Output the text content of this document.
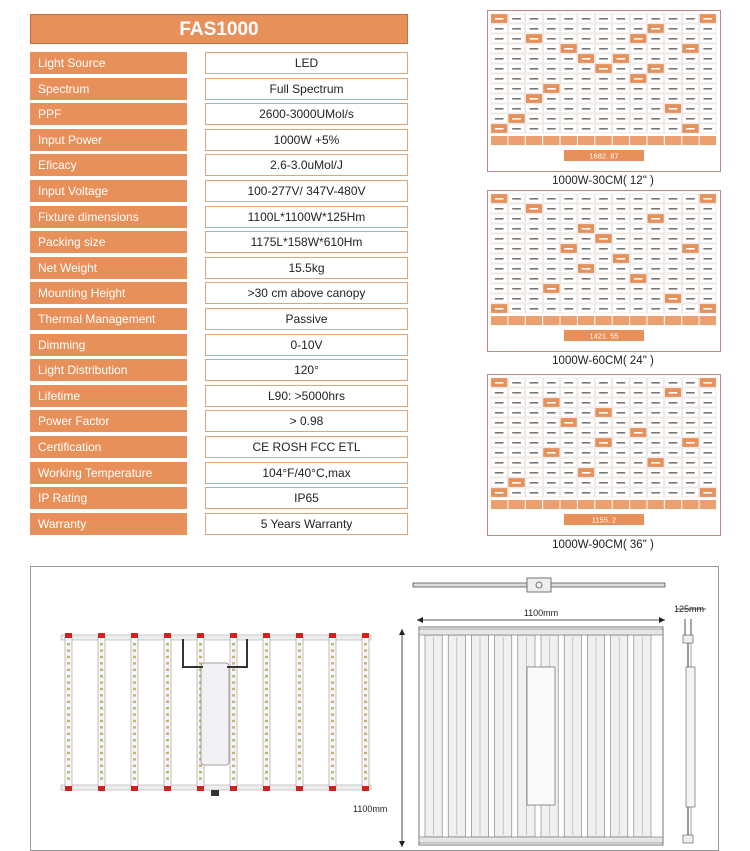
FAS1000
Light Source	LED
Spectrum	Full Spectrum
PPF	2600-3000UMol/s
Input Power	1000W +5%
Eficacy	2.6-3.0uMol/J
Input Voltage	100-277V/ 347V-480V
Fixture dimensions	1100L*1100W*125Hm
Packing size	1175L*158W*610Hm
Net Weight	15.5kg
Mounting Height	>30 cm above canopy
Thermal Management	Passive
Dimming	0-10V
Light Distribution	120°
Lifetime	L90: >5000hrs
Power Factor	> 0.98
Certification	CE ROSH FCC ETL
Working Temperature	104°F/40°C,max
IP Rating	IP65
Warranty	5 Years Warranty
1682. 87
1000W-30CM( 12" )
1421. 55
1000W-60CM( 24" )
1155. 2
1000W-90CM( 36" )
1100mm
1100mm
125mm
